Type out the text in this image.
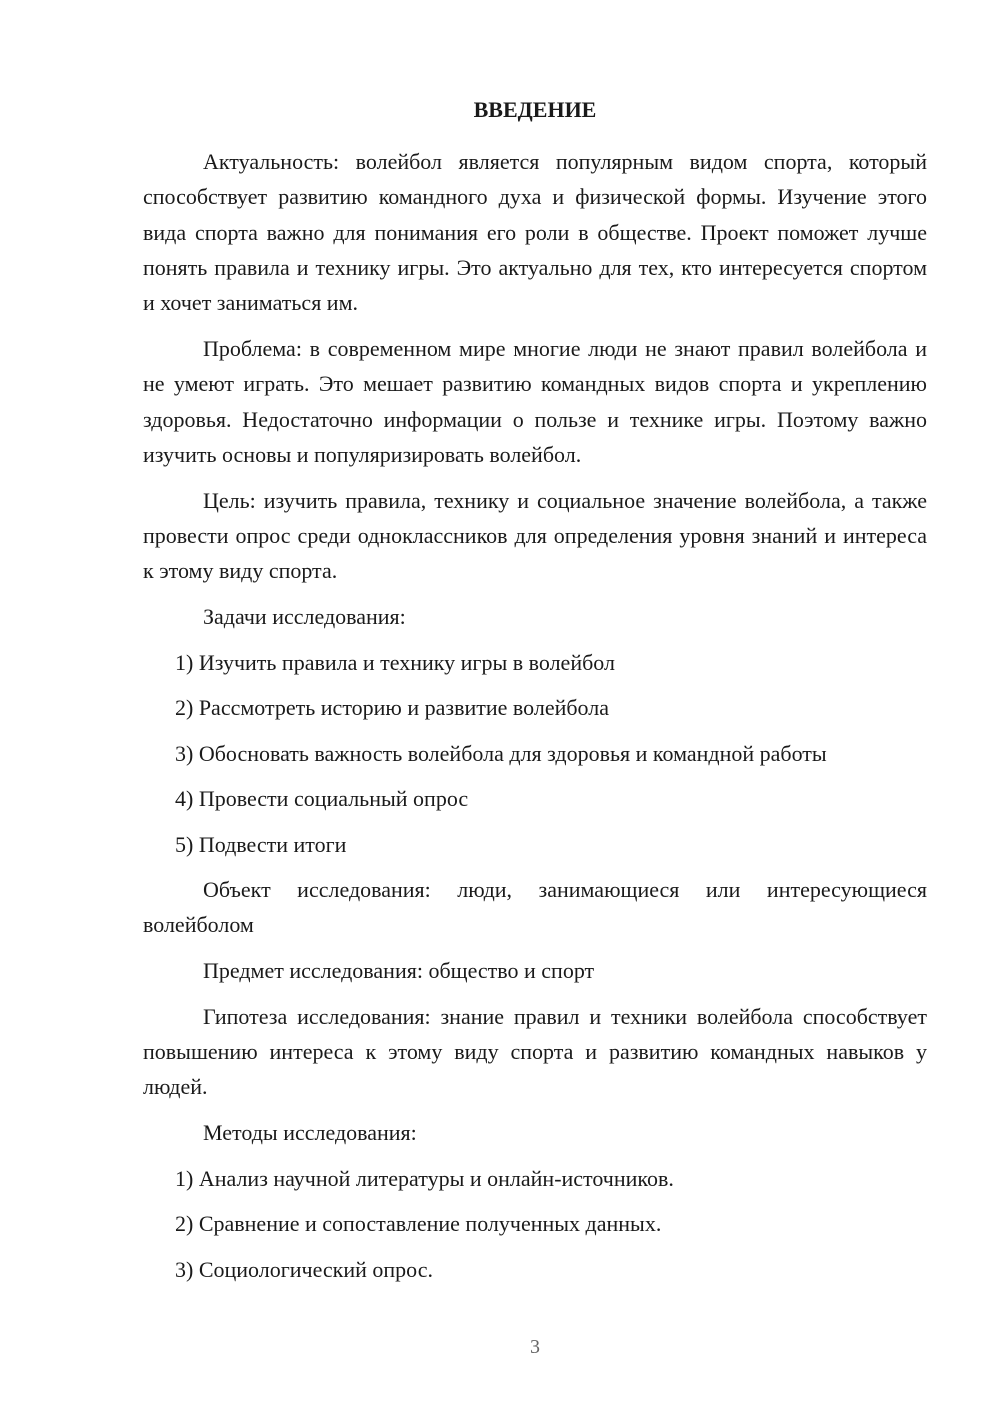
ВВЕДЕНИЕ

Актуальность: волейбол является популярным видом спорта, который способствует развитию командного духа и физической формы. Изучение этого вида спорта важно для понимания его роли в обществе. Проект поможет лучше понять правила и технику игры. Это актуально для тех, кто интересуется спортом и хочет заниматься им.

Проблема: в современном мире многие люди не знают правил волейбола и не умеют играть. Это мешает развитию командных видов спорта и укреплению здоровья. Недостаточно информации о пользе и технике игры. Поэтому важно изучить основы и популяризировать волейбол.

Цель: изучить правила, технику и социальное значение волейбола, а также провести опрос среди одноклассников для определения уровня знаний и интереса к этому виду спорта.

Задачи исследования:
1) Изучить правила и технику игры в волейбол
2) Рассмотреть историю и развитие волейбола
3) Обосновать важность волейбола для здоровья и командной работы
4) Провести социальный опрос
5) Подвести итоги

Объект исследования: люди, занимающиеся или интересующиеся волейболом

Предмет исследования: общество и спорт

Гипотеза исследования: знание правил и техники волейбола способствует повышению интереса к этому виду спорта и развитию командных навыков у людей.

Методы исследования:
1) Анализ научной литературы и онлайн-источников.
2) Сравнение и сопоставление полученных данных.
3) Социологический опрос.
3
